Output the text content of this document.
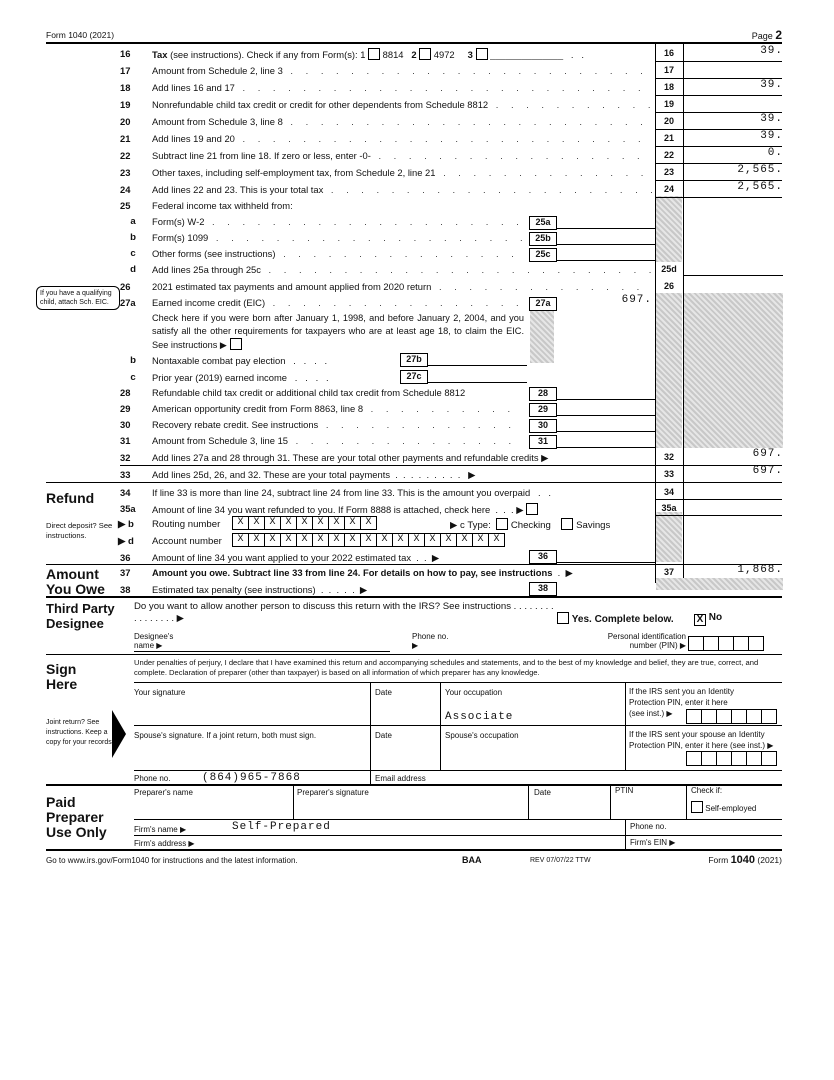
Form 1040 (2021)	Page 2
16	Tax (see instructions). Check if any from Form(s): 1  8814 2 4972 3  ______________   .   .	16	39.
17	Amount from Schedule 2, line 3 . . .	17
18	Add lines 16 and 17 . . .	18	39.
19	Nonrefundable child tax credit or credit for other dependents from Schedule 8812 . . .	19
20	Amount from Schedule 3, line 8 . . .	20	39.
21	Add lines 19 and 20 . . .	21	39.
22	Subtract line 21 from line 18. If zero or less, enter -0- . . .	22	0.
23	Other taxes, including self-employment tax, from Schedule 2, line 21 . . .	23	2,565.
24	Add lines 22 and 23. This is your total tax . . .	24	2,565.
25	Federal income tax withheld from:
a	Form(s) W-2 . . .	25a
b	Form(s) 1099 . . .	25b
c	Other forms (see instructions) . . .	25c
d	Add lines 25a through 25c . . .	25d
If you have a qualifying child, attach Sch. EIC.
26	2021 estimated tax payments and amount applied from 2020 return . . .	26
27a	Earned income credit (EIC) . . .	27a	697.
Check here if you were born after January 1, 1998, and before January 2, 2004, and you satisfy all the other requirements for taxpayers who are at least age 18, to claim the EIC. See instructions ▶
b	Nontaxable combat pay election   .   .   .   .	27b
c	Prior year (2019) earned income   .   .   .   .	27c
28	Refundable child tax credit or additional child tax credit from Schedule 8812	28
29	American opportunity credit from Form 8863, line 8 . . .	29
30	Recovery rebate credit. See instructions . . .	30
31	Amount from Schedule 3, line 15 . . .	31
32	Add lines 27a and 28 through 31. These are your total other payments and refundable credits ▶	32	697.
33	Add lines 25d, 26, and 32. These are your total payments  .  .  .  .  .  .  .  .  .   ▶	33	697.
Refund
Direct deposit? See instructions.
34	If line 33 is more than line 24, subtract line 24 from line 33. This is the amount you overpaid   .   .	34
35a	Amount of line 34 you want refunded to you. If Form 8888 is attached, check here  .  .  . ▶	35a
▶ b Routing number	X X X X X X X X X	▶ c Type: Checking	Savings
▶ d Account number	X X X X X X X X X X X X X X X X X
36	Amount of line 34 you want applied to your 2022 estimated tax  .  .  ▶	36
Amount
You Owe
37	Amount you owe. Subtract line 33 from line 24. For details on how to pay, see instructions  .  ▶	37	1,868.
38	Estimated tax penalty (see instructions)  .  .  .  .  .  ▶	38
Third Party
Designee
Do you want to allow another person to discuss this return with the IRS? See instructions . . . . . . . . . . . . . . . . ▶	Yes. Complete below. X No
Designee's name ▶
Phone no. ▶
Personal identification number (PIN) ▶
Sign
Here
Joint return? See instructions. Keep a copy for your records.
Under penalties of perjury, I declare that I have examined this return and accompanying schedules and statements, and to the best of my knowledge and belief, they are true, correct, and complete. Declaration of preparer (other than taxpayer) is based on all information of which preparer has any knowledge.
Your signature	Date	Your occupation
Associate
If the IRS sent you an Identity Protection PIN, enter it here (see inst.) ▶
Spouse's signature. If a joint return, both must sign.	Date	Spouse's occupation	If the IRS sent your spouse an Identity Protection PIN, enter it here (see inst.) ▶
Phone no.	(864)965-7868	Email address
Paid
Preparer
Use Only
Preparer's name	Preparer's signature	Date	PTIN	Check if:
Self-employed
Firm's name ▶	Self-Prepared	Phone no.
Firm's address ▶	Firm's EIN ▶
Go to www.irs.gov/Form1040 for instructions and the latest information.	BAA	REV 07/07/22 TTW	Form 1040 (2021)
